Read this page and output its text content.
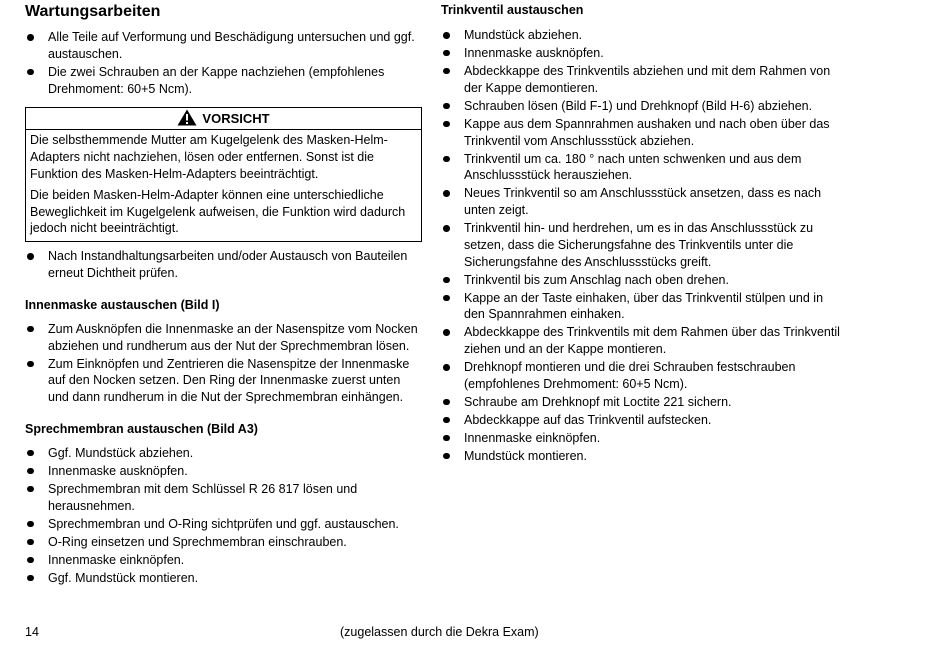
Wartungsarbeiten
Alle Teile auf Verformung und Beschädigung untersuchen und ggf. austauschen.
Die zwei Schrauben an der Kappe nachziehen (empfohlenes Drehmoment: 60+5 Ncm).
VORSICHT

Die selbsthemmende Mutter am Kugelgelenk des Masken-Helm-Adapters nicht nachziehen, lösen oder entfernen. Sonst ist die Funktion des Masken-Helm-Adapters beeinträchtigt.

Die beiden Masken-Helm-Adapter können eine unterschiedliche Beweglichkeit im Kugelgelenk aufweisen, die Funktion wird dadurch jedoch nicht beeinträchtigt.

Nach Instandhaltungsarbeiten und/oder Austausch von Bauteilen erneut Dichtheit prüfen.
Innenmaske austauschen (Bild I)
Zum Ausknöpfen die Innenmaske an der Nasenspitze vom Nocken abziehen und rundherum aus der Nut der Sprechmembran lösen.
Zum Einknöpfen und Zentrieren die Nasenspitze der Innenmaske auf den Nocken setzen. Den Ring der Innenmaske zuerst unten und dann rundherum in die Nut der Sprechmembran einhängen.
Sprechmembran austauschen (Bild A3)
Ggf. Mundstück abziehen.
Innenmaske ausknöpfen.
Sprechmembran mit dem Schlüssel R 26 817 lösen und herausnehmen.
Sprechmembran und O-Ring sichtprüfen und ggf. austauschen.
O-Ring einsetzen und Sprechmembran einschrauben.
Innenmaske einknöpfen.
Ggf. Mundstück montieren.
Trinkventil austauschen
Mundstück abziehen.
Innenmaske ausknöpfen.
Abdeckkappe des Trinkventils abziehen und mit dem Rahmen von der Kappe demontieren.
Schrauben lösen (Bild F-1) und Drehknopf (Bild H-6) abziehen.
Kappe aus dem Spannrahmen aushaken und nach oben über das Trinkventil vom Anschlussstück abziehen.
Trinkventil um ca. 180 ° nach unten schwenken und aus dem Anschlussstück herausziehen.
Neues Trinkventil so am Anschlussstück ansetzen, dass es nach unten zeigt.
Trinkventil hin- und herdrehen, um es in das Anschlussstück zu setzen, dass die Sicherungsfahne des Trinkventils unter die Sicherungsfahne des Anschlussstücks greift.
Trinkventil bis zum Anschlag nach oben drehen.
Kappe an der Taste einhaken, über das Trinkventil stülpen und in den Spannrahmen einhaken.
Abdeckkappe des Trinkventils mit dem Rahmen über das Trinkventil ziehen und an der Kappe montieren.
Drehknopf montieren und die drei Schrauben festschrauben (empfohlenes Drehmoment: 60+5 Ncm).
Schraube am Drehknopf mit Loctite 221 sichern.
Abdeckkappe auf das Trinkventil aufstecken.
Innenmaske einknöpfen.
Mundstück montieren.
14	(zugelassen durch die Dekra Exam)
